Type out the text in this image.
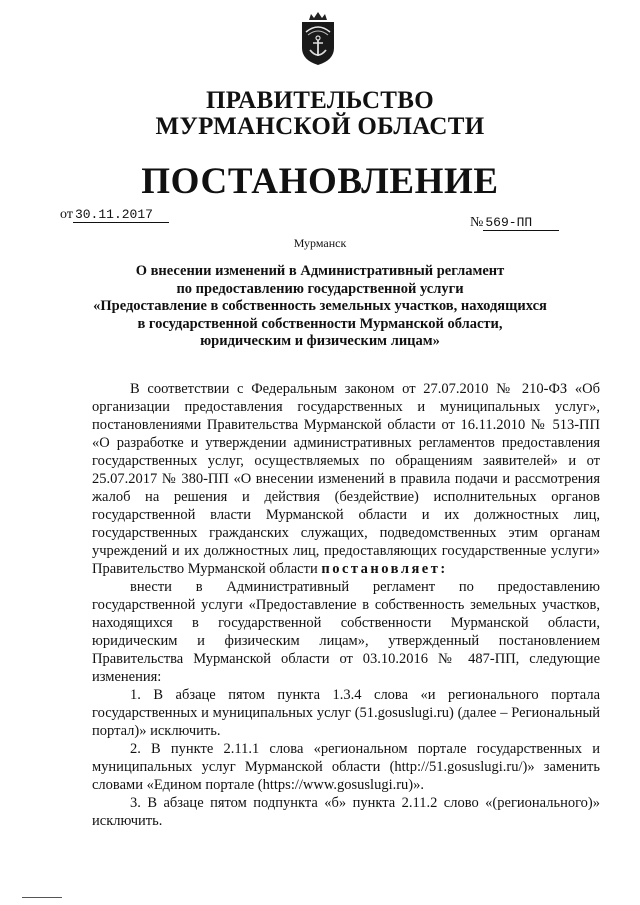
ПРАВИТЕЛЬСТВО
МУРМАНСКОЙ ОБЛАСТИ
ПОСТАНОВЛЕНИЕ
от 30.11.2017
№ 569-ПП
Мурманск
О внесении изменений в Административный регламент
по предоставлению государственной услуги
«Предоставление в собственность земельных участков, находящихся
в государственной собственности Мурманской области,
юридическим и физическим лицам»

В соответствии с Федеральным законом от 27.07.2010 № 210-ФЗ «Об организации предоставления государственных и муниципальных услуг», постановлениями Правительства Мурманской области от 16.11.2010 № 513-ПП «О разработке и утверждении административных регламентов предоставления государственных услуг, осуществляемых по обращениям заявителей» и от 25.07.2017 № 380-ПП «О внесении изменений в правила подачи и рассмотрения жалоб на решения и действия (бездействие) исполнительных органов государственной власти Мурманской области и их должностных лиц, государственных гражданских служащих, подведомственных этим органам учреждений и их должностных лиц, предоставляющих государственные услуги» Правительство Мурманской области постановляет:

внести в Административный регламент по предоставлению государственной услуги «Предоставление в собственность земельных участков, находящихся в государственной собственности Мурманской области, юридическим и физическим лицам», утвержденный постановлением Правительства Мурманской области от 03.10.2016 № 487-ПП, следующие изменения:

1. В абзаце пятом пункта 1.3.4 слова «и регионального портала государственных и муниципальных услуг (51.gosuslugi.ru) (далее – Региональный портал)» исключить.

2. В пункте 2.11.1 слова «региональном портале государственных и муниципальных услуг Мурманской области (http://51.gosuslugi.ru/)» заменить словами «Едином портале (https://www.gosuslugi.ru)».

3. В абзаце пятом подпункта «б» пункта 2.11.2 слово «(регионального)» исключить.
